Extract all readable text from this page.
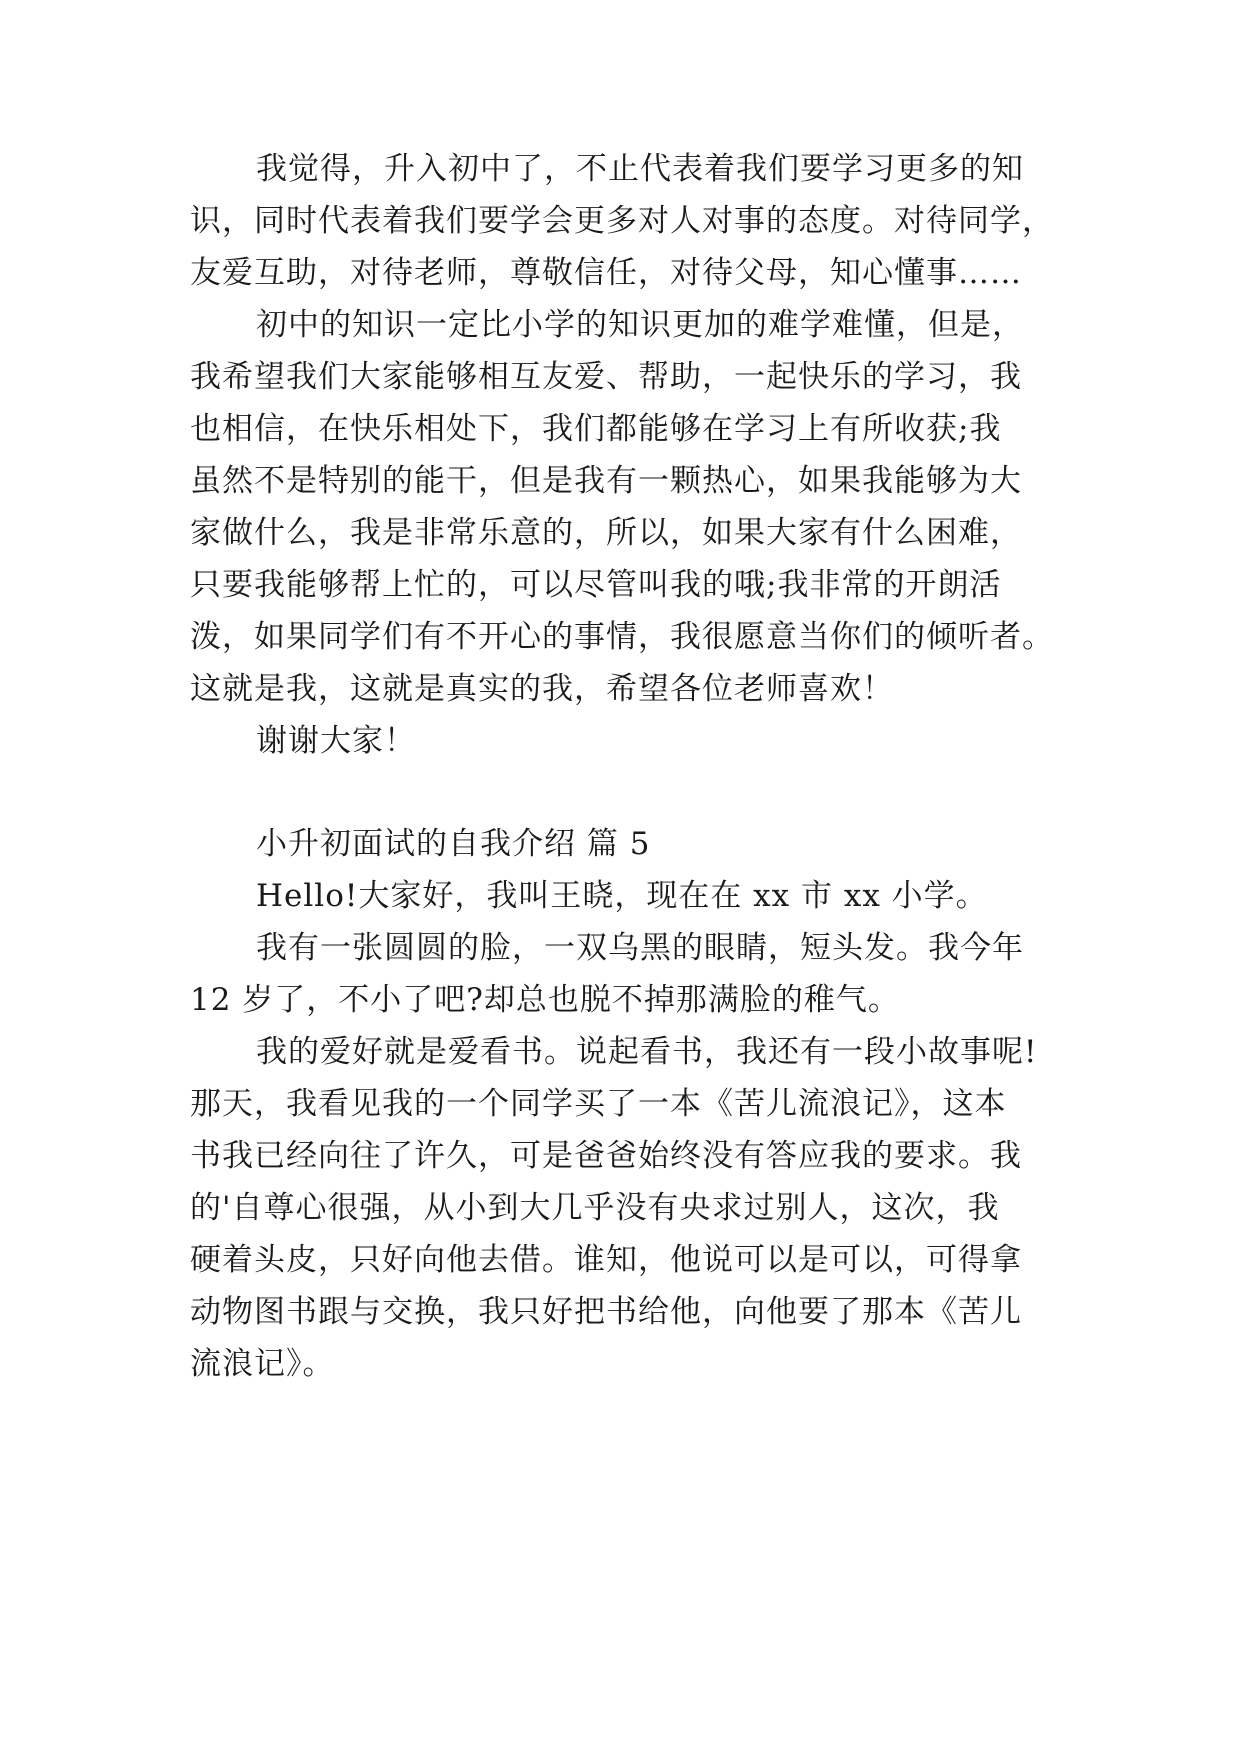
我觉得，升入初中了，不止代表着我们要学习更多的知
识，同时代表着我们要学会更多对人对事的态度。对待同学，
友爱互助，对待老师，尊敬信任，对待父母，知心懂事……
初中的知识一定比小学的知识更加的难学难懂，但是，
我希望我们大家能够相互友爱、帮助，一起快乐的学习，我
也相信，在快乐相处下，我们都能够在学习上有所收获;我
虽然不是特别的能干，但是我有一颗热心，如果我能够为大
家做什么，我是非常乐意的，所以，如果大家有什么困难，
只要我能够帮上忙的，可以尽管叫我的哦;我非常的开朗活
泼，如果同学们有不开心的事情，我很愿意当你们的倾听者。
这就是我，这就是真实的我，希望各位老师喜欢！
谢谢大家！
小升初面试的自我介绍 篇 5
Hello!大家好，我叫王晓，现在在 xx 市 xx 小学。
我有一张圆圆的脸，一双乌黑的眼睛，短头发。我今年
12 岁了，不小了吧?却总也脱不掉那满脸的稚气。
我的爱好就是爱看书。说起看书，我还有一段小故事呢!
那天，我看见我的一个同学买了一本《苦儿流浪记》，这本
书我已经向往了许久，可是爸爸始终没有答应我的要求。我
的'自尊心很强，从小到大几乎没有央求过别人，这次，我
硬着头皮，只好向他去借。谁知，他说可以是可以，可得拿
动物图书跟与交换，我只好把书给他，向他要了那本《苦儿
流浪记》。
